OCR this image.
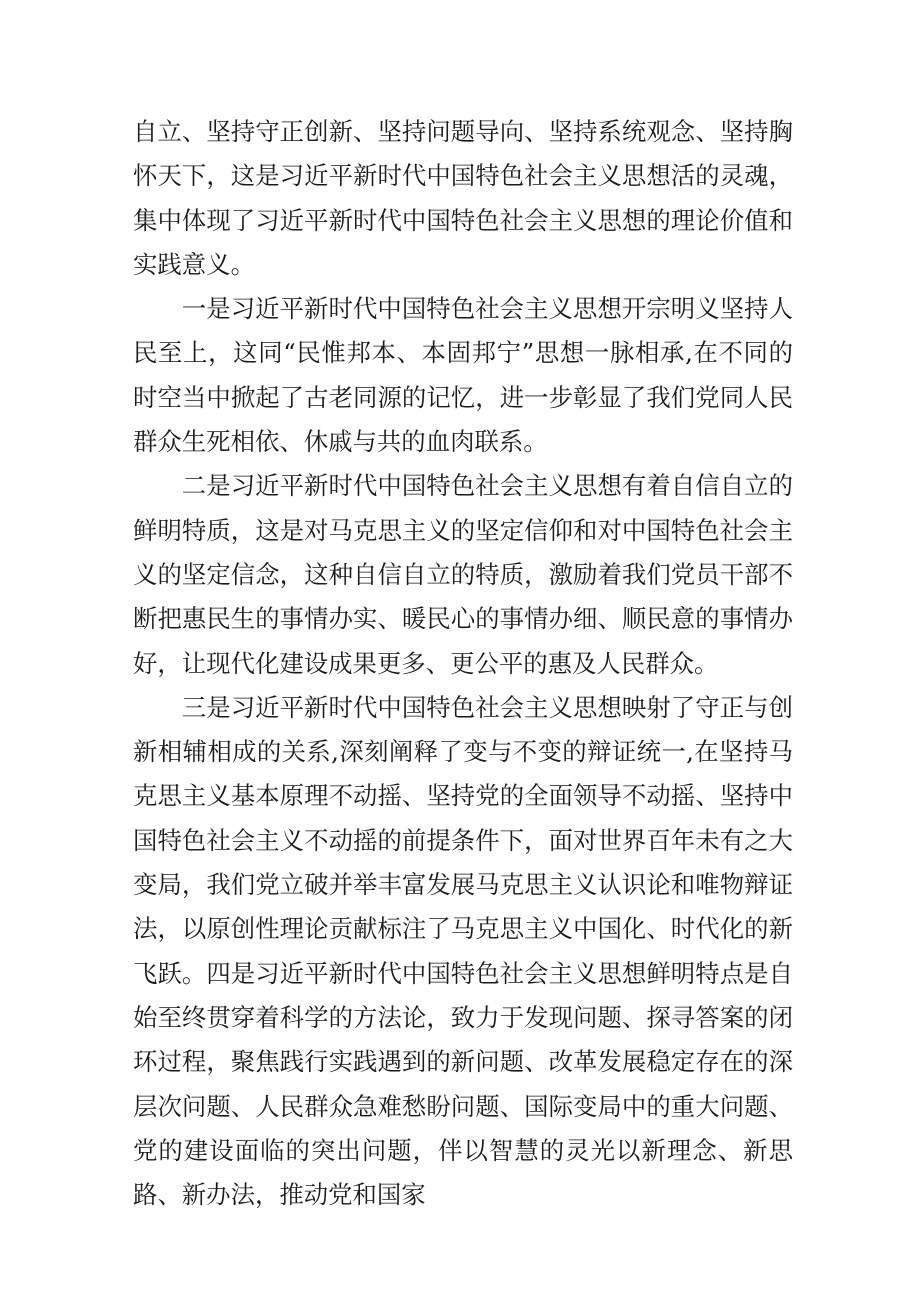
自立、坚持守正创新、坚持问题导向、坚持系统观念、坚持胸怀天下，这是习近平新时代中国特色社会主义思想活的灵魂，集中体现了习近平新时代中国特色社会主义思想的理论价值和实践意义。

一是习近平新时代中国特色社会主义思想开宗明义坚持人民至上，这同“民惟邦本、本固邦宁”思想一脉相承,在不同的时空当中掀起了古老同源的记忆，进一步彰显了我们党同人民群众生死相依、休戚与共的血肉联系。

二是习近平新时代中国特色社会主义思想有着自信自立的鲜明特质，这是对马克思主义的坚定信仰和对中国特色社会主义的坚定信念，这种自信自立的特质，激励着我们党员干部不断把惠民生的事情办实、暖民心的事情办细、顺民意的事情办好，让现代化建设成果更多、更公平的惠及人民群众。

三是习近平新时代中国特色社会主义思想映射了守正与创新相辅相成的关系,深刻阐释了变与不变的辩证统一,在坚持马克思主义基本原理不动摇、坚持党的全面领导不动摇、坚持中国特色社会主义不动摇的前提条件下，面对世界百年未有之大变局，我们党立破并举丰富发展马克思主义认识论和唯物辩证法，以原创性理论贡献标注了马克思主义中国化、时代化的新飞跃。四是习近平新时代中国特色社会主义思想鲜明特点是自始至终贯穿着科学的方法论，致力于发现问题、探寻答案的闭环过程，聚焦践行实践遇到的新问题、改革发展稳定存在的深层次问题、人民群众急难愁盼问题、国际变局中的重大问题、党的建设面临的突出问题，伴以智慧的灵光以新理念、新思路、新办法，推动党和国家
